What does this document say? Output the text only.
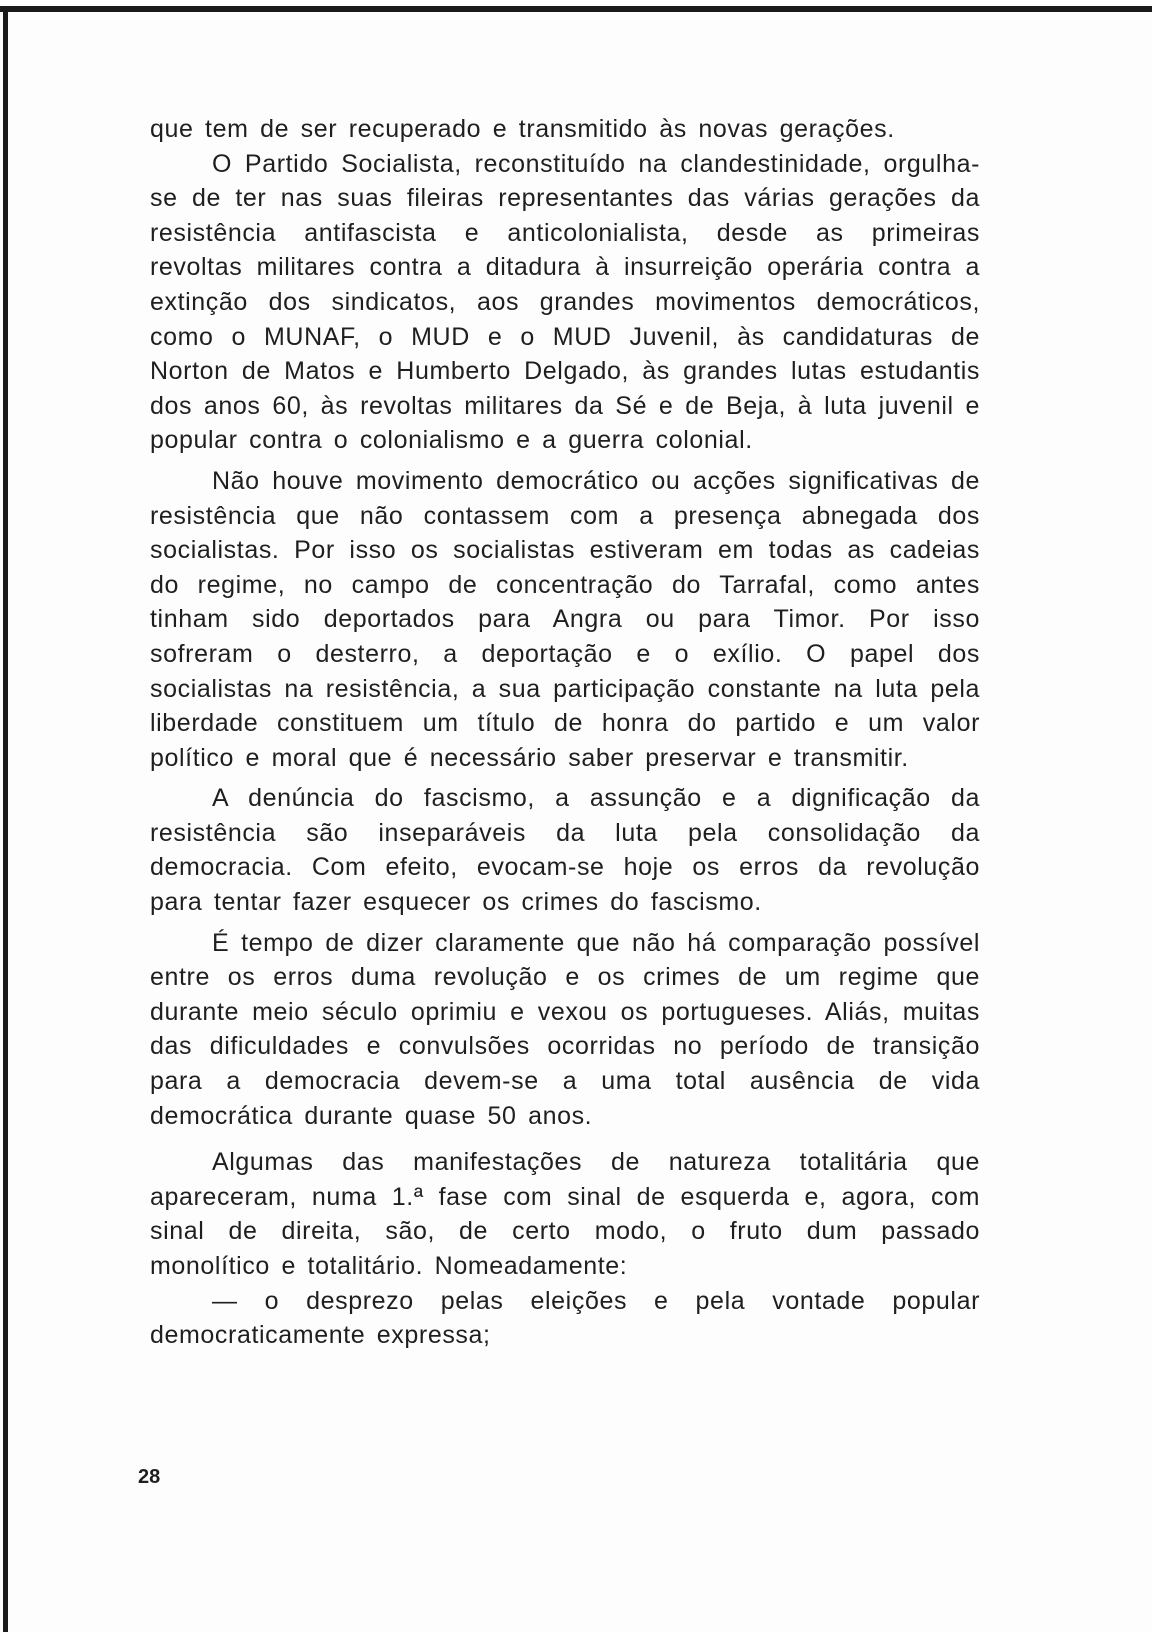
que tem de ser recuperado e transmitido às novas gerações.

O Partido Socialista, reconstituído na clandestinidade, orgulha-se de ter nas suas fileiras representantes das várias gerações da resistência antifascista e anticolonialista, desde as primeiras revoltas militares contra a ditadura à insurreição operária contra a extinção dos sindicatos, aos grandes movimentos democráticos, como o MUNAF, o MUD e o MUD Juvenil, às candidaturas de Norton de Matos e Humberto Delgado, às grandes lutas estudantis dos anos 60, às revoltas militares da Sé e de Beja, à luta juvenil e popular contra o colonialismo e a guerra colonial.

Não houve movimento democrático ou acções significativas de resistência que não contassem com a presença abnegada dos socialistas. Por isso os socialistas estiveram em todas as cadeias do regime, no campo de concentração do Tarrafal, como antes tinham sido deportados para Angra ou para Timor. Por isso sofreram o desterro, a deportação e o exílio. O papel dos socialistas na resistência, a sua participação constante na luta pela liberdade constituem um título de honra do partido e um valor político e moral que é necessário saber preservar e transmitir.

A denúncia do fascismo, a assunção e a dignificação da resistência são inseparáveis da luta pela consolidação da democracia. Com efeito, evocam-se hoje os erros da revolução para tentar fazer esquecer os crimes do fascismo.

É tempo de dizer claramente que não há comparação possível entre os erros duma revolução e os crimes de um regime que durante meio século oprimiu e vexou os portugueses. Aliás, muitas das dificuldades e convulsões ocorridas no período de transição para a democracia devem-se a uma total ausência de vida democrática durante quase 50 anos.

Algumas das manifestações de natureza totalitária que apareceram, numa 1.ª fase com sinal de esquerda e, agora, com sinal de direita, são, de certo modo, o fruto dum passado monolítico e totalitário. Nomeadamente:

— o desprezo pelas eleições e pela vontade popular democraticamente expressa;

28
